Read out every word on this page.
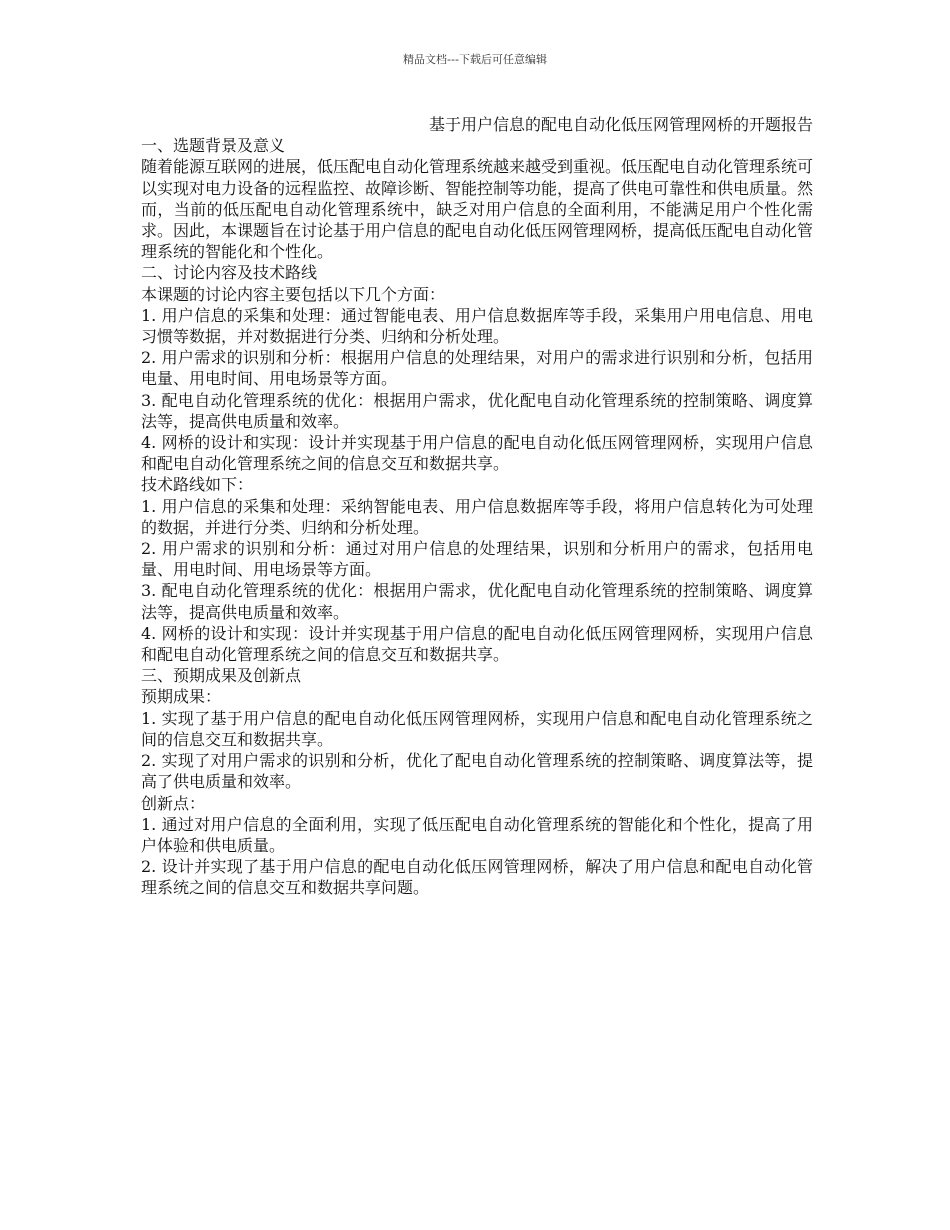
精品文档---下载后可任意编辑
基于用户信息的配电自动化低压网管理网桥的开题报告

一、选题背景及意义

随着能源互联网的进展，低压配电自动化管理系统越来越受到重视。低压配电自动化管理系统可以实现对电力设备的远程监控、故障诊断、智能控制等功能，提高了供电可靠性和供电质量。然而，当前的低压配电自动化管理系统中，缺乏对用户信息的全面利用，不能满足用户个性化需求。因此，本课题旨在讨论基于用户信息的配电自动化低压网管理网桥，提高低压配电自动化管理系统的智能化和个性化。

二、讨论内容及技术路线

本课题的讨论内容主要包括以下几个方面：

1. 用户信息的采集和处理：通过智能电表、用户信息数据库等手段，采集用户用电信息、用电习惯等数据，并对数据进行分类、归纳和分析处理。

2. 用户需求的识别和分析：根据用户信息的处理结果，对用户的需求进行识别和分析，包括用电量、用电时间、用电场景等方面。

3. 配电自动化管理系统的优化：根据用户需求，优化配电自动化管理系统的控制策略、调度算法等，提高供电质量和效率。

4. 网桥的设计和实现：设计并实现基于用户信息的配电自动化低压网管理网桥，实现用户信息和配电自动化管理系统之间的信息交互和数据共享。

技术路线如下：

1. 用户信息的采集和处理：采纳智能电表、用户信息数据库等手段，将用户信息转化为可处理的数据，并进行分类、归纳和分析处理。

2. 用户需求的识别和分析：通过对用户信息的处理结果，识别和分析用户的需求，包括用电量、用电时间、用电场景等方面。

3. 配电自动化管理系统的优化：根据用户需求，优化配电自动化管理系统的控制策略、调度算法等，提高供电质量和效率。

4. 网桥的设计和实现：设计并实现基于用户信息的配电自动化低压网管理网桥，实现用户信息和配电自动化管理系统之间的信息交互和数据共享。

三、预期成果及创新点

预期成果：

1. 实现了基于用户信息的配电自动化低压网管理网桥，实现用户信息和配电自动化管理系统之间的信息交互和数据共享。

2. 实现了对用户需求的识别和分析，优化了配电自动化管理系统的控制策略、调度算法等，提高了供电质量和效率。

创新点：

1. 通过对用户信息的全面利用，实现了低压配电自动化管理系统的智能化和个性化，提高了用户体验和供电质量。

2. 设计并实现了基于用户信息的配电自动化低压网管理网桥，解决了用户信息和配电自动化管理系统之间的信息交互和数据共享问题。
